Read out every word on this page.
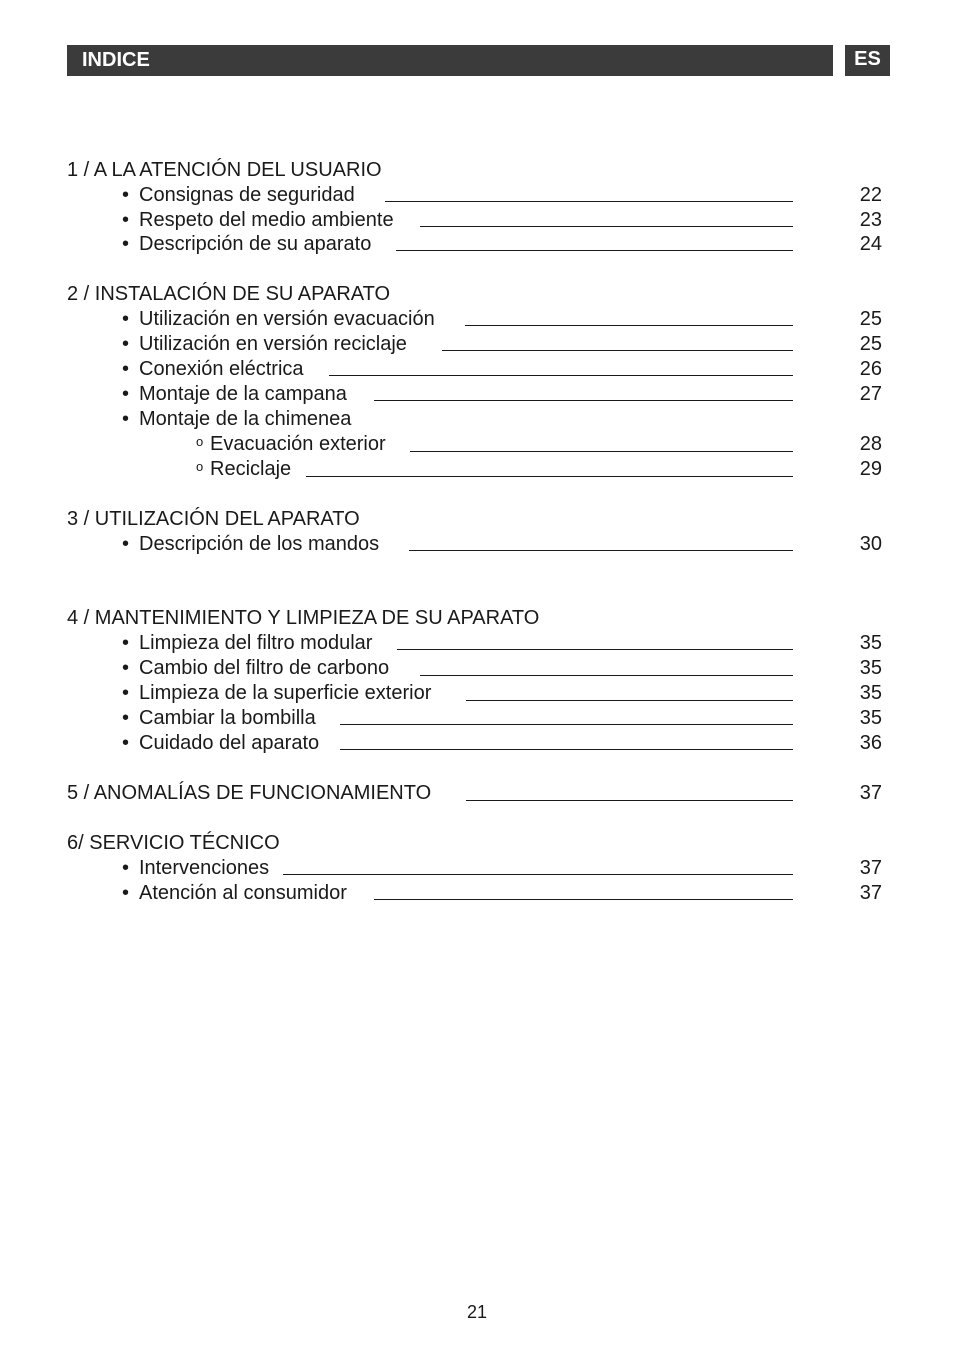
INDICE	ES
1 / A LA ATENCIÓN DEL USUARIO
• Consignas de seguridad	22
• Respeto del medio ambiente	23
• Descripción de su aparato	24
2 / INSTALACIÓN DE SU APARATO
• Utilización en versión evacuación	25
• Utilización en versión reciclaje	25
• Conexión eléctrica	26
• Montaje de la campana	27
• Montaje de la chimenea
o Evacuación exterior	28
o Reciclaje	29
3 / UTILIZACIÓN DEL APARATO
• Descripción de los mandos	30
4 / MANTENIMIENTO Y LIMPIEZA DE SU APARATO
• Limpieza del filtro modular	35
• Cambio del filtro de carbono	35
• Limpieza de la superficie exterior	35
• Cambiar la bombilla	35
• Cuidado del aparato	36
5 / ANOMALÍAS DE FUNCIONAMIENTO	37
6/ SERVICIO TÉCNICO
• Intervenciones	37
• Atención al consumidor	37
21
